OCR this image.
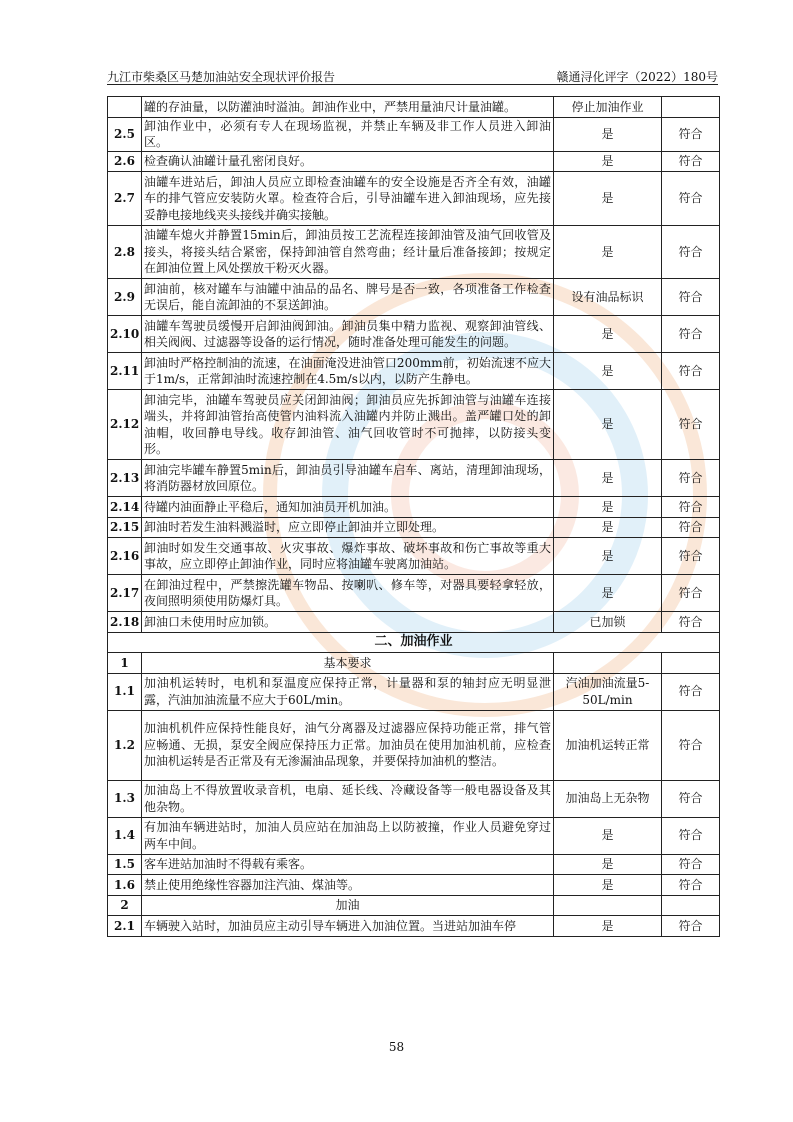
九江市柴桑区马楚加油站安全现状评价报告	赣通浔化评字（2022）180号
	罐的存油量，以防灌油时溢油。卸油作业中，严禁用量油尺计量油罐。	停止加油作业	
2.5	卸油作业中，必须有专人在现场监视，并禁止车辆及非工作人员进入卸油区。	是	符合
2.6	检查确认油罐计量孔密闭良好。	是	符合
2.7	油罐车进站后，卸油人员应立即检查油罐车的安全设施是否齐全有效，油罐车的排气管应安装防火罩。检查符合后，引导油罐车进入卸油现场，应先接妥静电接地线夹头接线并确实接触。	是	符合
2.8	油罐车熄火并静置15min后，卸油员按工艺流程连接卸油管及油气回收管及接头，将接头结合紧密，保持卸油管自然弯曲；经计量后准备接卸；按规定在卸油位置上风处摆放干粉灭火器。	是	符合
2.9	卸油前，核对罐车与油罐中油品的品名、牌号是否一致，各项准备工作检查无误后，能自流卸油的不泵送卸油。	设有油品标识	符合
2.10	油罐车驾驶员缓慢开启卸油阀卸油。卸油员集中精力监视、观察卸油管线、相关阀阀、过滤器等设备的运行情况，随时准备处理可能发生的问题。	是	符合
2.11	卸油时严格控制油的流速，在油面淹没进油管口200mm前，初始流速不应大于1m/s，正常卸油时流速控制在4.5m/s以内，以防产生静电。	是	符合
2.12	卸油完毕，油罐车驾驶员应关闭卸油阀；卸油员应先拆卸油管与油罐车连接端头，并将卸油管抬高使管内油料流入油罐内并防止溅出。盖严罐口处的卸油帽，收回静电导线。收存卸油管、油气回收管时不可抛摔，以防接头变形。	是	符合
2.13	卸油完毕罐车静置5min后，卸油员引导油罐车启车、离站，清理卸油现场，将消防器材放回原位。	是	符合
2.14	待罐内油面静止平稳后，通知加油员开机加油。	是	符合
2.15	卸油时若发生油料溅溢时，应立即停止卸油并立即处理。	是	符合
2.16	卸油时如发生交通事故、火灾事故、爆炸事故、破坏事故和伤亡事故等重大事故，应立即停止卸油作业，同时应将油罐车驶离加油站。	是	符合
2.17	在卸油过程中，严禁擦洗罐车物品、按喇叭、修车等，对器具要轻拿轻放，夜间照明须使用防爆灯具。	是	符合
2.18	卸油口未使用时应加锁。	已加锁	符合
二、加油作业			
1	基本要求		
1.1	加油机运转时，电机和泵温度应保持正常，计量器和泵的轴封应无明显泄露，汽油加油流量不应大于60L/min。	汽油加油流量5-50L/min	符合
1.2	加油机机件应保持性能良好，油气分离器及过滤器应保持功能正常，排气管应畅通、无损，泵安全阀应保持压力正常。加油员在使用加油机前，应检查加油机运转是否正常及有无渗漏油品现象，并要保持加油机的整洁。	加油机运转正常	符合
1.3	加油岛上不得放置收录音机，电扇、延长线、冷藏设备等一般电器设备及其他杂物。	加油岛上无杂物	符合
1.4	有加油车辆进站时，加油人员应站在加油岛上以防被撞，作业人员避免穿过两车中间。	是	符合
1.5	客车进站加油时不得载有乘客。	是	符合
1.6	禁止使用绝缘性容器加注汽油、煤油等。	是	符合
2	加油		
2.1	车辆驶入站时，加油员应主动引导车辆进入加油位置。当进站加油车停	是	符合
58
